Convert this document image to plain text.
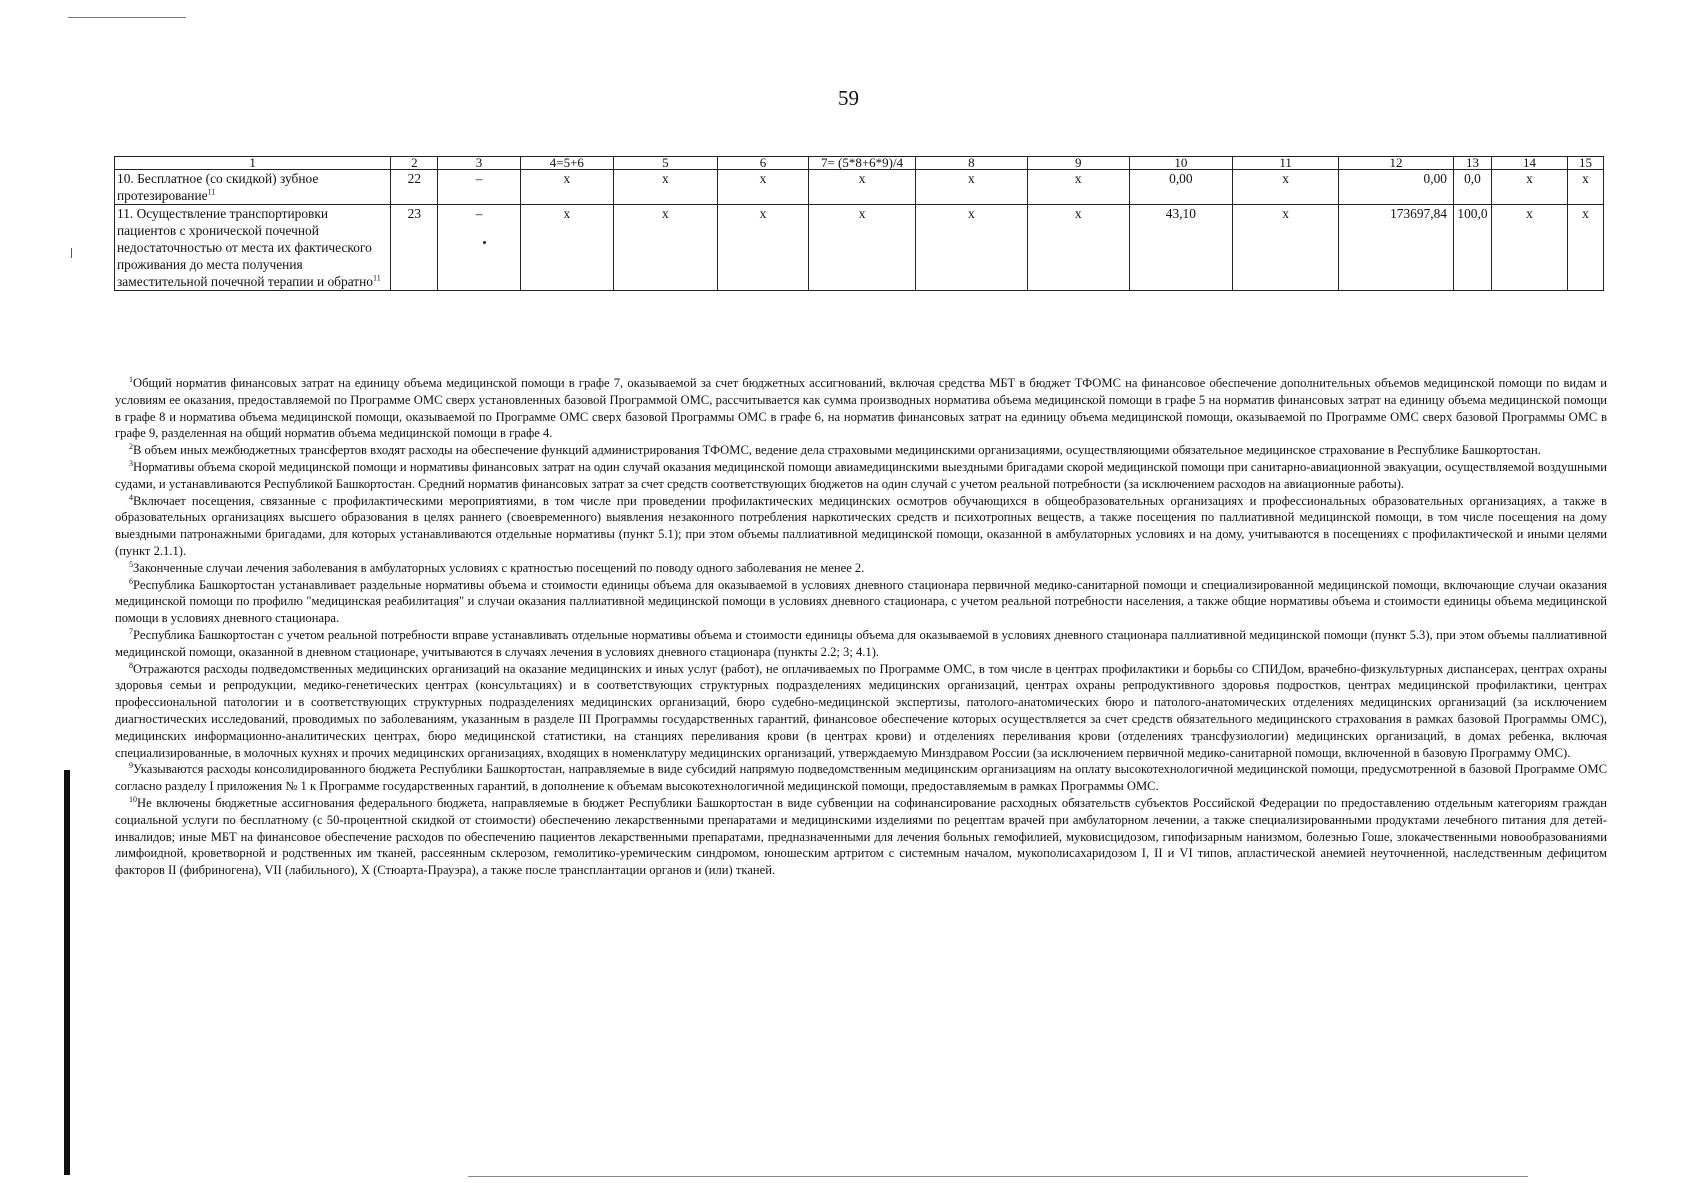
59
1	2	3	4=5+6	5	6	7= (5*8+6*9)/4	8	9	10	11	12	13	14	15
10. Бесплатное (со скидкой) зубное протезирование$^{11}$	22	–	х	х	х	х	х	х	0,00	х	0,00	0,0	х	х
11. Осуществление транспортировки пациентов с хронической почечной недостаточностью от места их фактического проживания до места получения заместительной почечной терапии и обратно$^{11}$	23	–	х	х	х	х	х	х	43,10	х	173697,84	100,0	х	х

$^1$Общий норматив финансовых затрат на единицу объема медицинской помощи в графе 7, оказываемой за счет бюджетных ассигнований, включая средства МБТ в бюджет ТФОМС на финансовое обеспечение дополнительных объемов медицинской помощи по видам и условиям ее оказания, предоставляемой по Программе ОМС сверх установленных базовой Программой ОМС, рассчитывается как сумма производных норматива объема медицинской помощи в графе 5 на норматив финансовых затрат на единицу объема медицинской помощи в графе 8 и норматива объема медицинской помощи, оказываемой по Программе ОМС сверх базовой Программы ОМС в графе 6, на норматив финансовых затрат на единицу объема медицинской помощи, оказываемой по Программе ОМС сверх базовой Программы ОМС в графе 9, разделенная на общий норматив объема медицинской помощи в графе 4.

$^2$В объем иных межбюджетных трансфертов входят расходы на обеспечение функций администрирования ТФОМС, ведение дела страховыми медицинскими организациями, осуществляющими обязательное медицинское страхование в Республике Башкортостан.

$^3$Нормативы объема скорой медицинской помощи и нормативы финансовых затрат на один случай оказания медицинской помощи авиамедицинскими выездными бригадами скорой медицинской помощи при санитарно-авиационной эвакуации, осуществляемой воздушными судами, и устанавливаются Республикой Башкортостан. Средний норматив финансовых затрат за счет средств соответствующих бюджетов на один случай с учетом реальной потребности (за исключением расходов на авиационные работы).

$^4$Включает посещения, связанные с профилактическими мероприятиями, в том числе при проведении профилактических медицинских осмотров обучающихся в общеобразовательных организациях и профессиональных образовательных организациях, а также в образовательных организациях высшего образования в целях раннего (своевременного) выявления незаконного потребления наркотических средств и психотропных веществ, а также посещения по паллиативной медицинской помощи, в том числе посещения на дому выездными патронажными бригадами, для которых устанавливаются отдельные нормативы (пункт 5.1); при этом объемы паллиативной медицинской помощи, оказанной в амбулаторных условиях и на дому, учитываются в посещениях с профилактической и иными целями (пункт 2.1.1).

$^5$Законченные случаи лечения заболевания в амбулаторных условиях с кратностью посещений по поводу одного заболевания не менее 2.

$^6$Республика Башкортостан устанавливает раздельные нормативы объема и стоимости единицы объема для оказываемой в условиях дневного стационара первичной медико-санитарной помощи и специализированной медицинской помощи, включающие случаи оказания медицинской помощи по профилю "медицинская реабилитация" и случаи оказания паллиативной медицинской помощи в условиях дневного стационара, с учетом реальной потребности населения, а также общие нормативы объема и стоимости единицы объема медицинской помощи в условиях дневного стационара.

$^7$Республика Башкортостан с учетом реальной потребности вправе устанавливать отдельные нормативы объема и стоимости единицы объема для оказываемой в условиях дневного стационара паллиативной медицинской помощи (пункт 5.3), при этом объемы паллиативной медицинской помощи, оказанной в дневном стационаре, учитываются в случаях лечения в условиях дневного стационара (пункты 2.2; 3; 4.1).

$^8$Отражаются расходы подведомственных медицинских организаций на оказание медицинских и иных услуг (работ), не оплачиваемых по Программе ОМС, в том числе в центрах профилактики и борьбы со СПИДом, врачебно-физкультурных диспансерах, центрах охраны здоровья семьи и репродукции, медико-генетических центрах (консультациях) и в соответствующих структурных подразделениях медицинских организаций, центрах охраны репродуктивного здоровья подростков, центрах медицинской профилактики, центрах профессиональной патологии и в соответствующих структурных подразделениях медицинских организаций, бюро судебно-медицинской экспертизы, патолого-анатомических бюро и патолого-анатомических отделениях медицинских организаций (за исключением диагностических исследований, проводимых по заболеваниям, указанным в разделе III Программы государственных гарантий, финансовое обеспечение которых осуществляется за счет средств обязательного медицинского страхования в рамках базовой Программы ОМС), медицинских информационно-аналитических центрах, бюро медицинской статистики, на станциях переливания крови (в центрах крови) и отделениях переливания крови (отделениях трансфузиологии) медицинских организаций, в домах ребенка, включая специализированные, в молочных кухнях и прочих медицинских организациях, входящих в номенклатуру медицинских организаций, утверждаемую Минздравом России (за исключением первичной медико-санитарной помощи, включенной в базовую Программу ОМС).

$^9$Указываются расходы консолидированного бюджета Республики Башкортостан, направляемые в виде субсидий напрямую подведомственным медицинским организациям на оплату высокотехнологичной медицинской помощи, предусмотренной в базовой Программе ОМС согласно разделу I приложения № 1 к Программе государственных гарантий, в дополнение к объемам высокотехнологичной медицинской помощи, предоставляемым в рамках Программы ОМС.

$^{10}$Не включены бюджетные ассигнования федерального бюджета, направляемые в бюджет Республики Башкортостан в виде субвенции на софинансирование расходных обязательств субъектов Российской Федерации по предоставлению отдельным категориям граждан социальной услуги по бесплатному (с 50-процентной скидкой от стоимости) обеспечению лекарственными препаратами и медицинскими изделиями по рецептам врачей при амбулаторном лечении, а также специализированными продуктами лечебного питания для детей-инвалидов; иные МБТ на финансовое обеспечение расходов по обеспечению пациентов лекарственными препаратами, предназначенными для лечения больных гемофилией, муковисцидозом, гипофизарным нанизмом, болезнью Гоше, злокачественными новообразованиями лимфоидной, кроветворной и родственных им тканей, рассеянным склерозом, гемолитико-уремическим синдромом, юношеским артритом с системным началом, мукополисахаридозом I, II и VI типов, апластической анемией неуточненной, наследственным дефицитом факторов II (фибриногена), VII (лабильного), X (Стюарта-Прауэра), а также после трансплантации органов и (или) тканей.
